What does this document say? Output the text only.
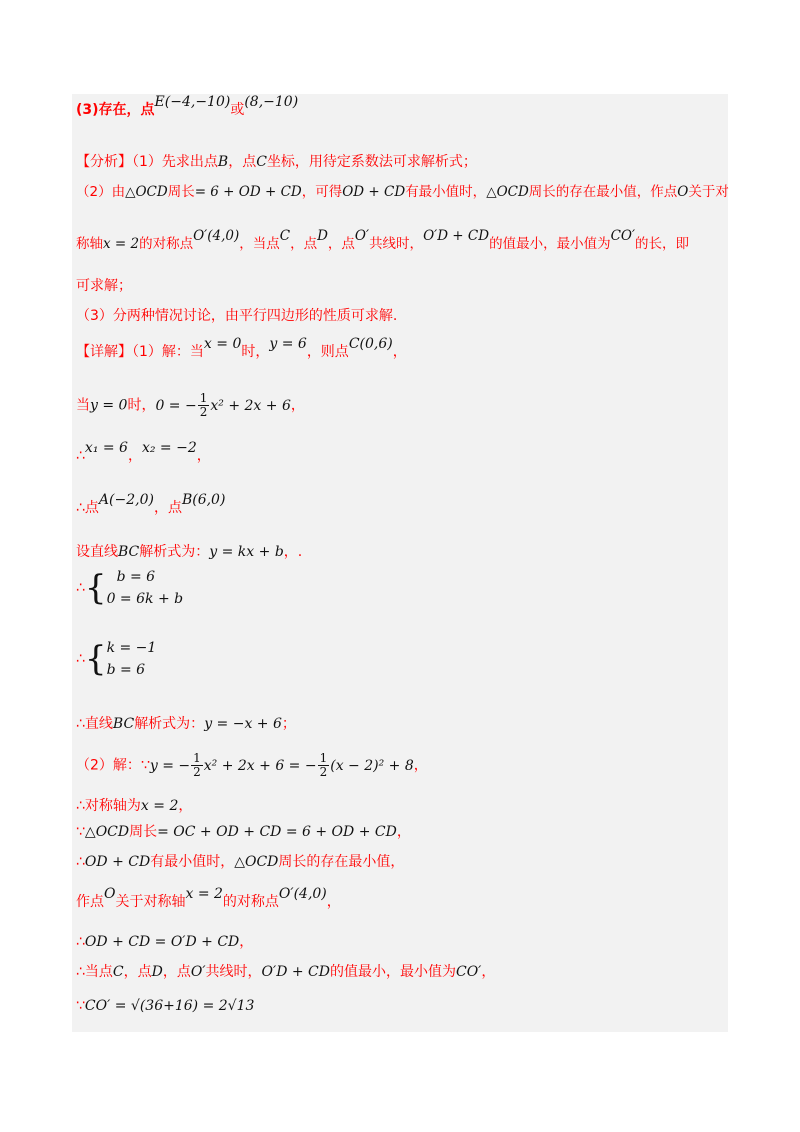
(3)存在，点E(−4,−10)或(8,−10)
【分析】（1）先求出点B，点C坐标，用待定系数法可求解析式；
（2）由△OCD周长= 6 + OD + CD，可得OD + CD有最小值时，△OCD周长的存在最小值，作点O关于对
称轴x = 2的对称点O′(4,0)，当点C，点D，点O′共线时，O′D + CD的值最小，最小值为CO′的长，即
可求解；
（3）分两种情况讨论，由平行四边形的性质可求解.
【详解】（1）解：当x = 0时，y = 6，则点C(0,6)，
当y = 0时，0 = − $\frac{1}{2} x^2 + 2x + 6$，
∴x₁ = 6，x₂ = −2，
∴点A(−2,0)，点B(6,0)
设直线BC解析式为：y = kx + b，.
∴{ b = 6
0 = 6k + b
∴{ k = −1
b = 6
∴直线BC解析式为：y = −x + 6；
（2）解：∵y = − $\frac{1}{2} x^2 + 2x + 6$ = − $\frac{1}{2} (x - 2)^2 + 8$，
∴对称轴为x = 2，
∵△OCD周长= OC + OD + CD = 6 + OD + CD，
∴OD + CD有最小值时，△OCD周长的存在最小值，
作点O关于对称轴x = 2的对称点O′(4,0)，
∴OD + CD = O′D + CD，
∴当点C，点D，点O′共线时，O′D + CD的值最小，最小值为CO′，
∵CO′ = √(36+16) = 2√13
